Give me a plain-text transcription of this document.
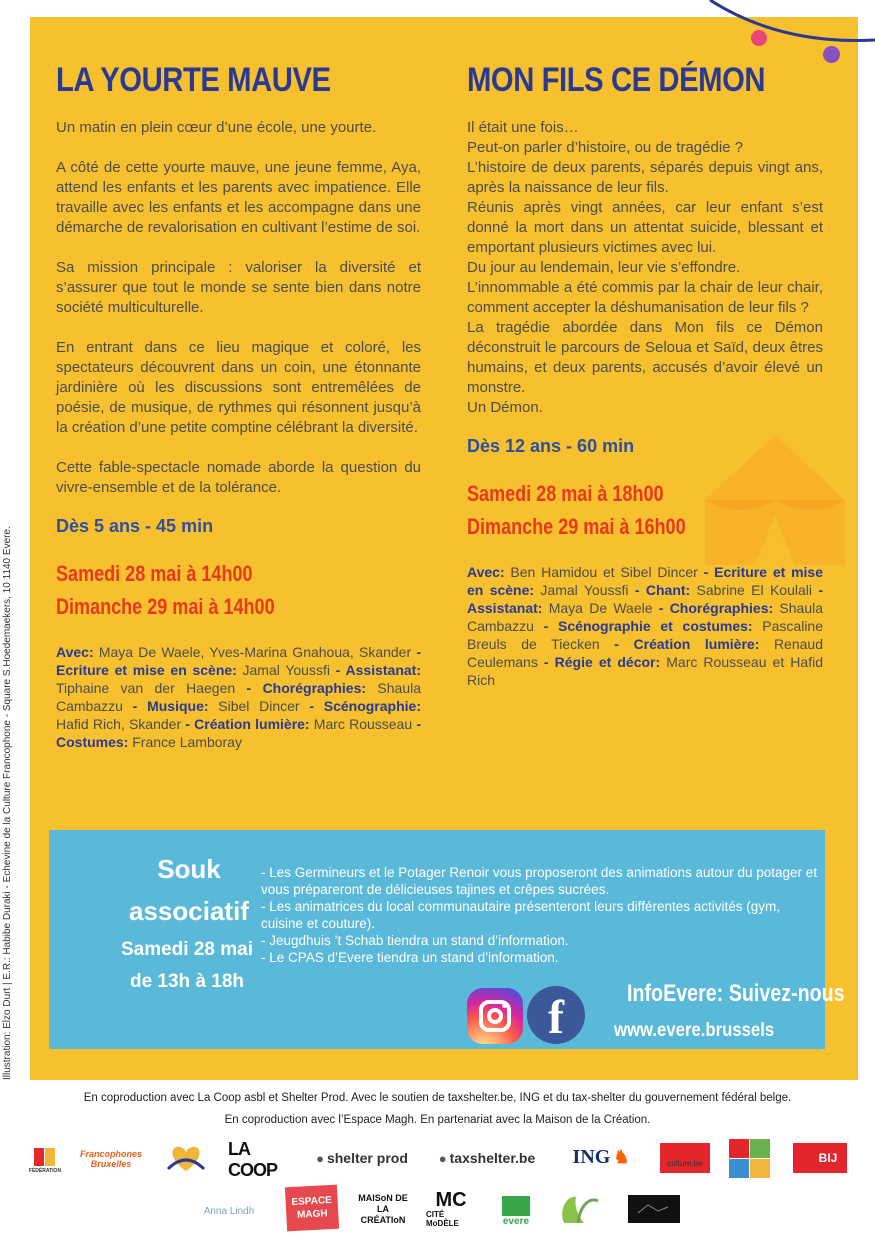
LA YOURTE MAUVE

Un matin en plein cœur d’une école, une yourte.

A côté de cette yourte mauve, une jeune femme, Aya, attend les enfants et les parents avec impatience. Elle travaille avec les enfants et les accompagne dans une démarche de revalorisation en cultivant l’estime de soi.

Sa mission principale : valoriser la diversité et s’assurer que tout le monde se sente bien dans notre société multiculturelle.

En entrant dans ce lieu magique et coloré, les spectateurs découvrent dans un coin, une étonnante jardinière où les discussions sont entremêlées de poésie, de musique, de rythmes qui résonnent jusqu’à la création d’une petite comptine célébrant la diversité.

Cette fable-spectacle nomade aborde la question du vivre-ensemble et de la tolérance.

Dès 5 ans - 45 min
Samedi 28 mai à 14h00
Dimanche 29 mai à 14h00

Avec: Maya De Waele, Yves-Marina Gnahoua, Skander - Ecriture et mise en scène: Jamal Youssfi - Assistanat: Tiphaine van der Haegen - Chorégraphies: Shaula Cambazzu - Musique: Sibel Dincer - Scénographie: Hafid Rich, Skander - Création lumière: Marc Rousseau - Costumes: France Lamboray

MON FILS CE DÉMON
Il était une fois…
Peut-on parler d’histoire, ou de tragédie ?
L’histoire de deux parents, séparés depuis vingt ans, après la naissance de leur fils.
Réunis après vingt années, car leur enfant s’est donné la mort dans un attentat suicide, blessant et emportant plusieurs victimes avec lui.
Du jour au lendemain, leur vie s’effondre.
L’innommable a été commis par la chair de leur chair, comment accepter la déshumanisation de leur fils ?
La tragédie abordée dans Mon fils ce Démon déconstruit le parcours de Seloua et Saïd, deux êtres humains, et deux parents, accusés d’avoir élevé un monstre.
Un Démon.
Dès 12 ans - 60 min
Samedi 28 mai à 18h00
Dimanche 29 mai à 16h00

Avec: Ben Hamidou et Sibel Dincer - Ecriture et mise en scène: Jamal Youssfi - Chant: Sabrine El Koulali - Assistanat: Maya De Waele - Chorégraphies: Shaula Cambazzu - Scénographie et costumes: Pascaline Breuls de Tiecken - Création lumière: Renaud Ceulemans - Régie et décor: Marc Rousseau et Hafid Rich

Illustration: Elzo Durt | E.R.: Habibe Duraki - Echevine de la Culture Francophone - Square S.Hoedemaekers, 10 1140 Evere.	Souk
associatif
Samedi 28 mai
de 13h à 18h
- Les Germineurs et le Potager Renoir vous proposeront des animations autour du potager et vous prépareront de délicieuses tajines et crêpes sucrées.
- Les animatrices du local communautaire présenteront leurs différentes activités (gym, cuisine et couture).
- Jeugdhuis ’t Schab tiendra un stand d’information.
- Le CPAS d’Evere tiendra un stand d’information.
f	InfoEvere: Suivez-nous
www.evere.brussels
En coproduction avec La Coop asbl et Shelter Prod. Avec le soutien de taxshelter.be, ING et du tax-shelter du gouvernement fédéral belge.
En coproduction avec l’Espace Magh. En partenariat avec la Maison de la Création.
FÉDÉRATION
Francophones Bruxelles
LA COOP
● shelter prod ● taxshelter.be ING ♞	culture.be	BIJ
Anna Lindh
ESPACE MAGH
MAISoN DE LA CRÉATIoN
MC
CITÉ MoDÈLE	evere
